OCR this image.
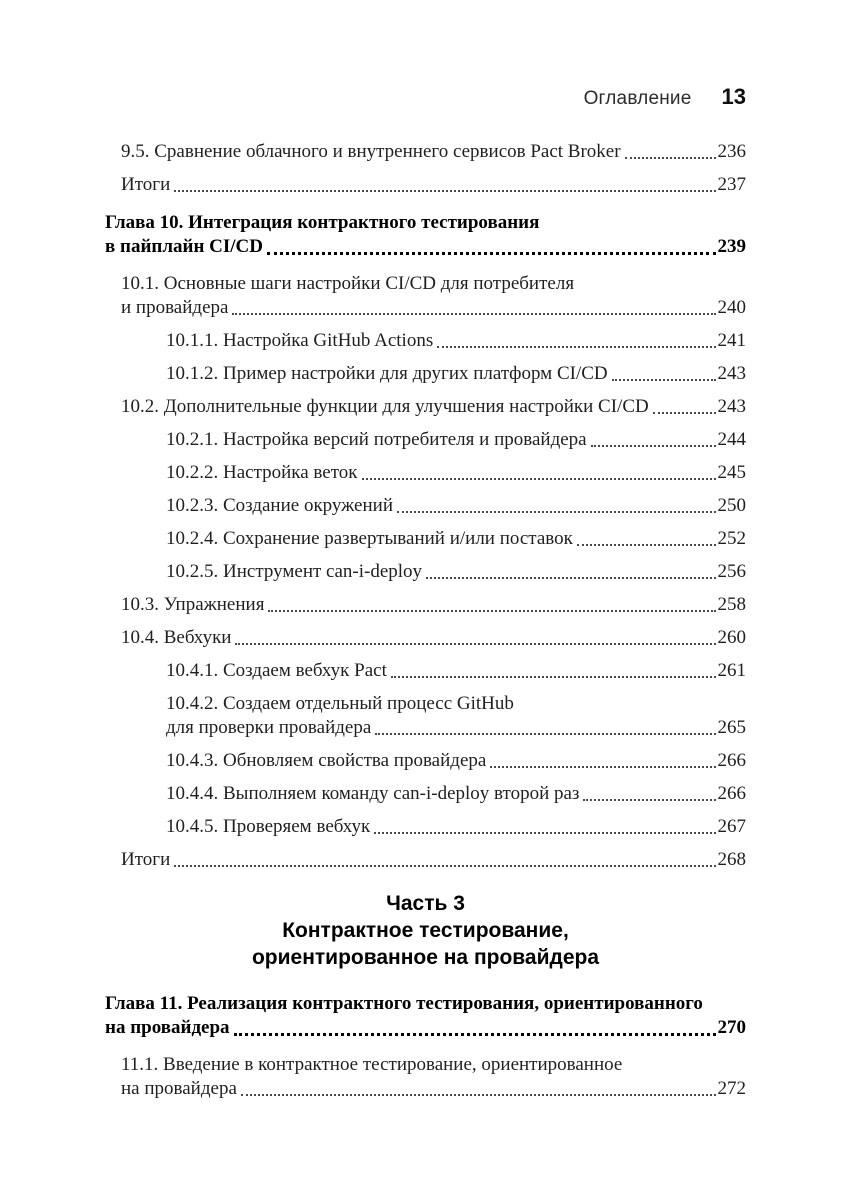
Оглавление 13
9.5. Сравнение облачного и внутреннего сервисов Pact Broker	236
Итоги	237
Глава 10. Интеграция контрактного тестирования
в пайплайн CI/CD	239
10.1. Основные шаги настройки CI/CD для потребителя
и провайдера	240
10.1.1. Настройка GitHub Actions	241
10.1.2. Пример настройки для других платформ CI/CD	243
10.2. Дополнительные функции для улучшения настройки CI/CD	243
10.2.1. Настройка версий потребителя и провайдера	244
10.2.2. Настройка веток	245
10.2.3. Создание окружений	250
10.2.4. Сохранение развертываний и/или поставок	252
10.2.5. Инструмент can-i-deploy	256
10.3. Упражнения	258
10.4. Вебхуки	260
10.4.1. Создаем вебхук Pact	261
10.4.2. Создаем отдельный процесс GitHub
для проверки провайдера	265
10.4.3. Обновляем свойства провайдера	266
10.4.4. Выполняем команду can-i-deploy второй раз	266
10.4.5. Проверяем вебхук	267
Итоги	268
Часть 3
Контрактное тестирование,
ориентированное на провайдера
Глава 11. Реализация контрактного тестирования, ориентированного
на провайдера	270
11.1. Введение в контрактное тестирование, ориентированное
на провайдера	272
